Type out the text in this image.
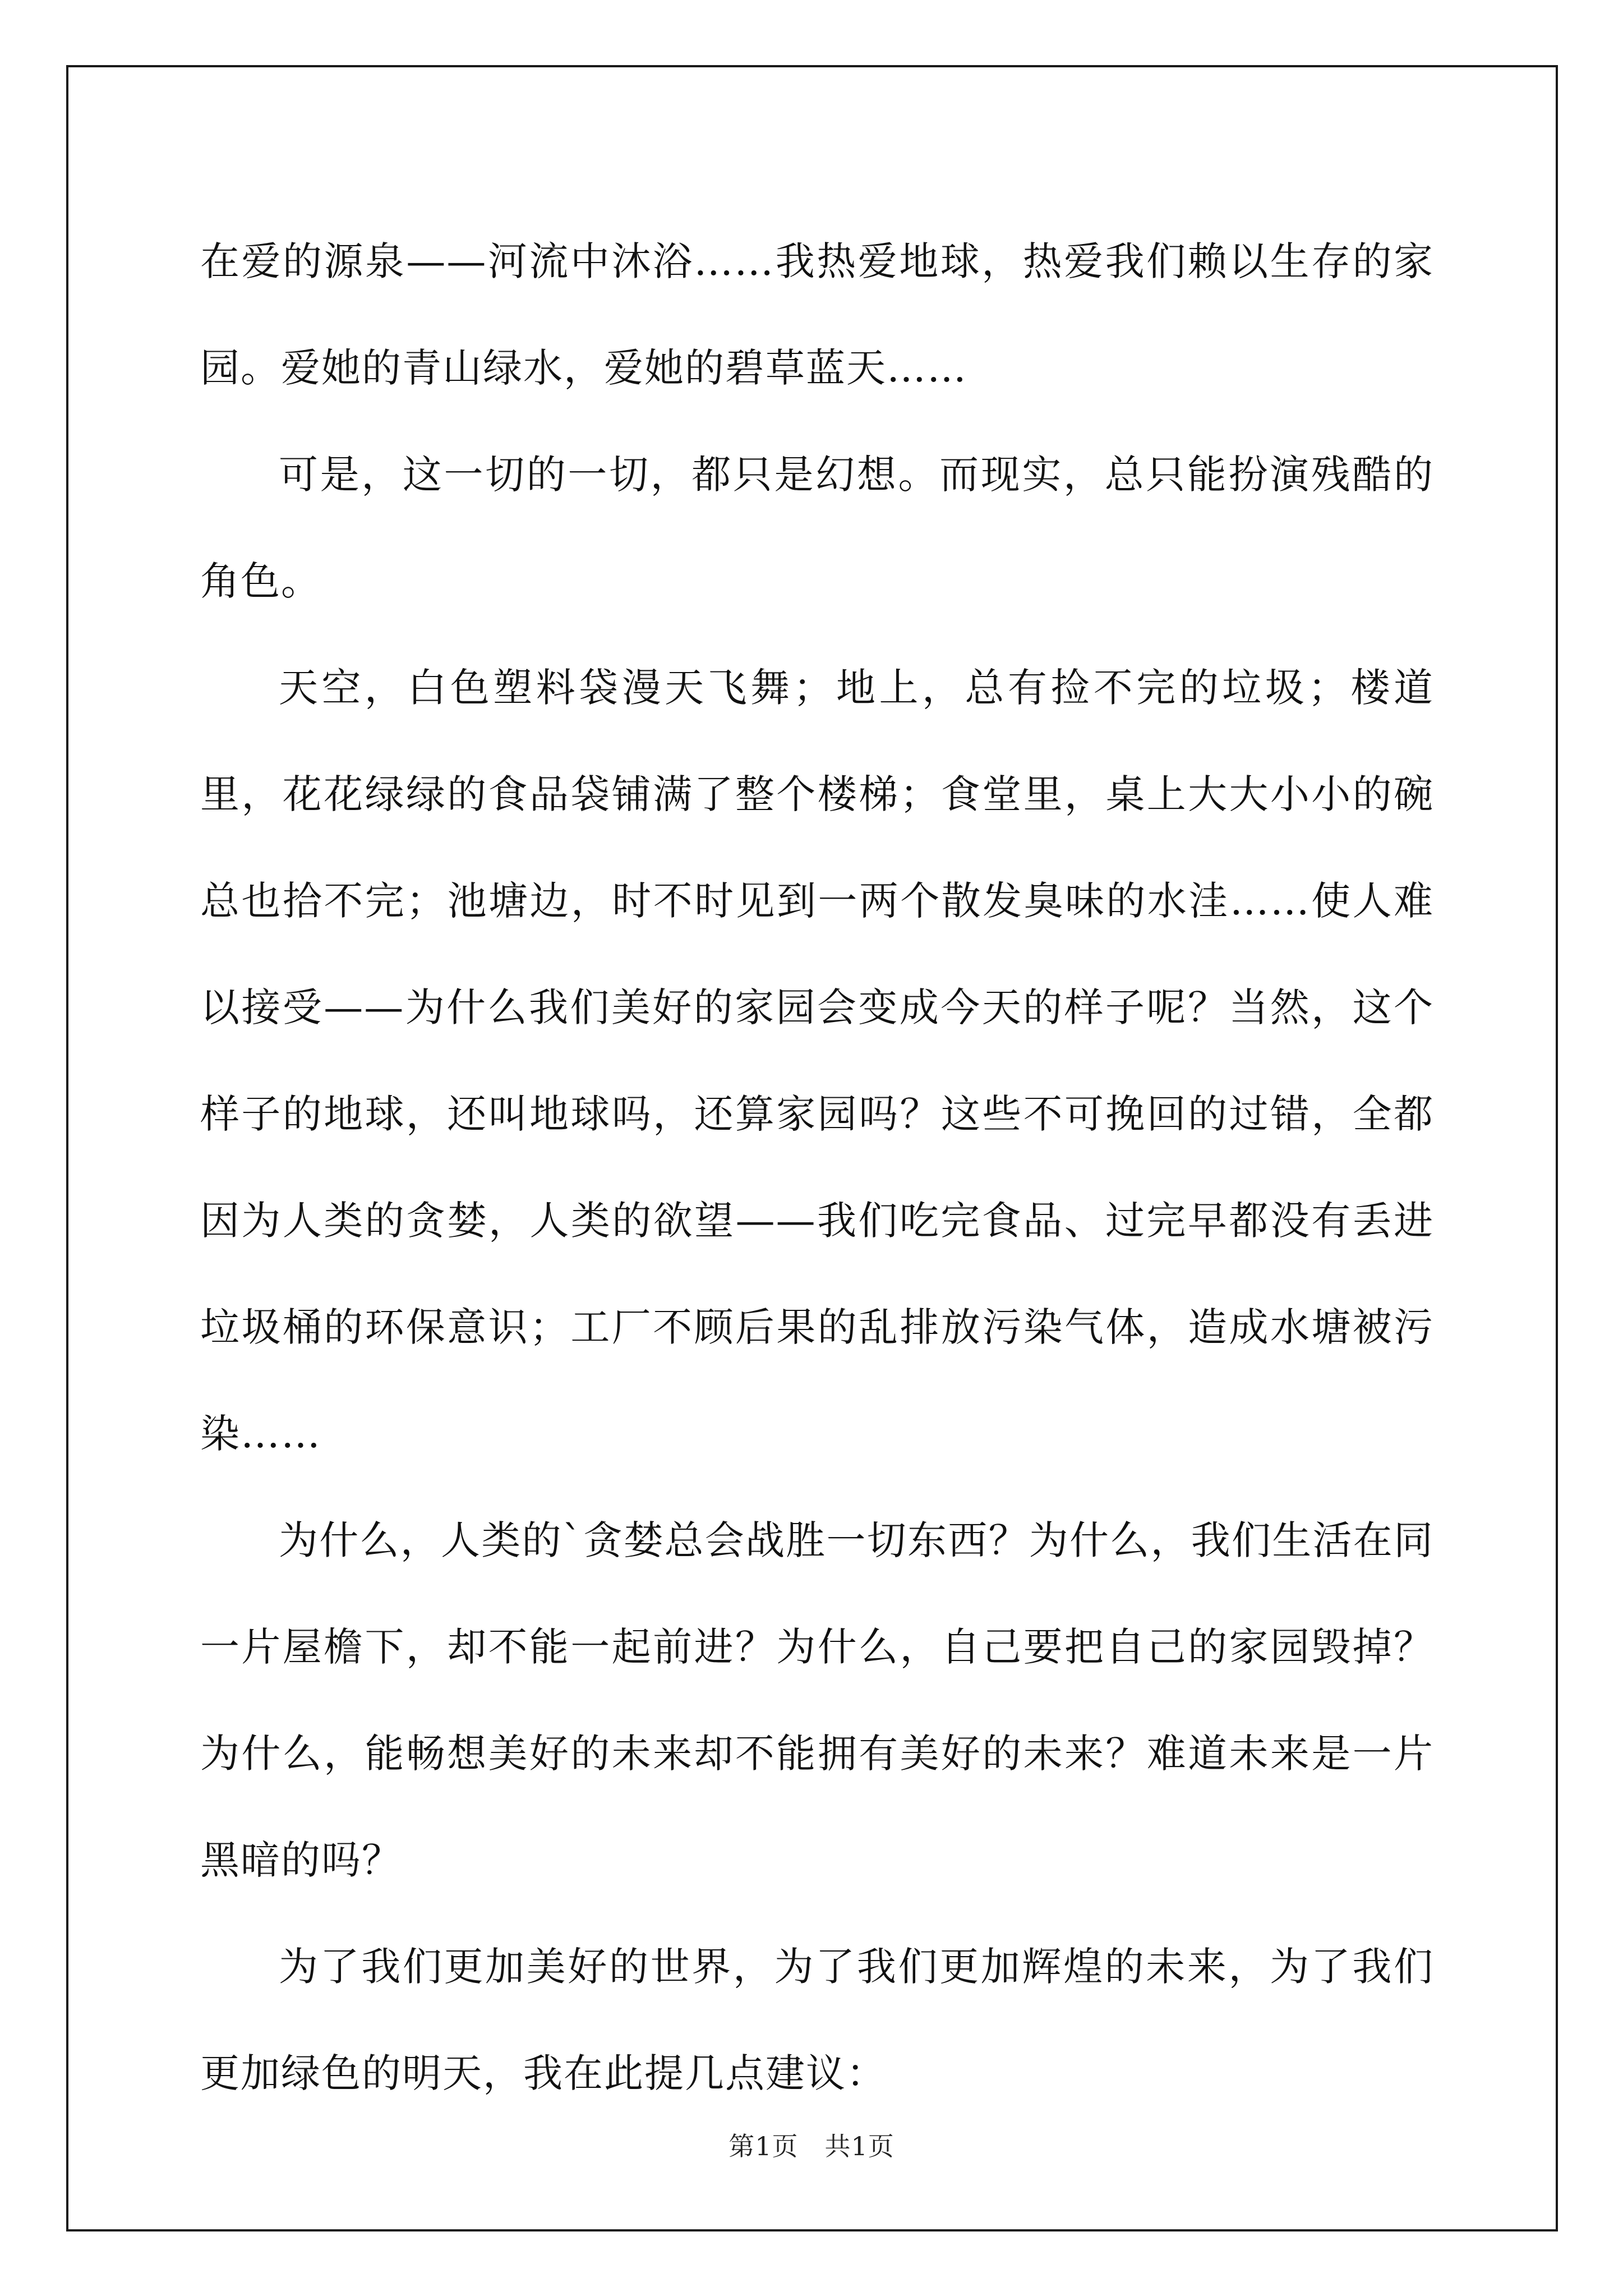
在爱的源泉——河流中沐浴……我热爱地球，热爱我们赖以生存的家园。爱她的青山绿水，爱她的碧草蓝天……

可是，这一切的一切，都只是幻想。而现实，总只能扮演残酷的角色。

天空，白色塑料袋漫天飞舞；地上，总有捡不完的垃圾；楼道里，花花绿绿的食品袋铺满了整个楼梯；食堂里，桌上大大小小的碗总也拾不完；池塘边，时不时见到一两个散发臭味的水洼……使人难以接受——为什么我们美好的家园会变成今天的样子呢？当然，这个样子的地球，还叫地球吗，还算家园吗？这些不可挽回的过错，全都因为人类的贪婪，人类的欲望——我们吃完食品、过完早都没有丢进垃圾桶的环保意识；工厂不顾后果的乱排放污染气体，造成水塘被污染……

为什么，人类的`贪婪总会战胜一切东西？为什么，我们生活在同一片屋檐下，却不能一起前进？为什么，自己要把自己的家园毁掉？为什么，能畅想美好的未来却不能拥有美好的未来？难道未来是一片黑暗的吗？

为了我们更加美好的世界，为了我们更加辉煌的未来，为了我们更加绿色的明天，我在此提几点建议：

第1页 共1页
